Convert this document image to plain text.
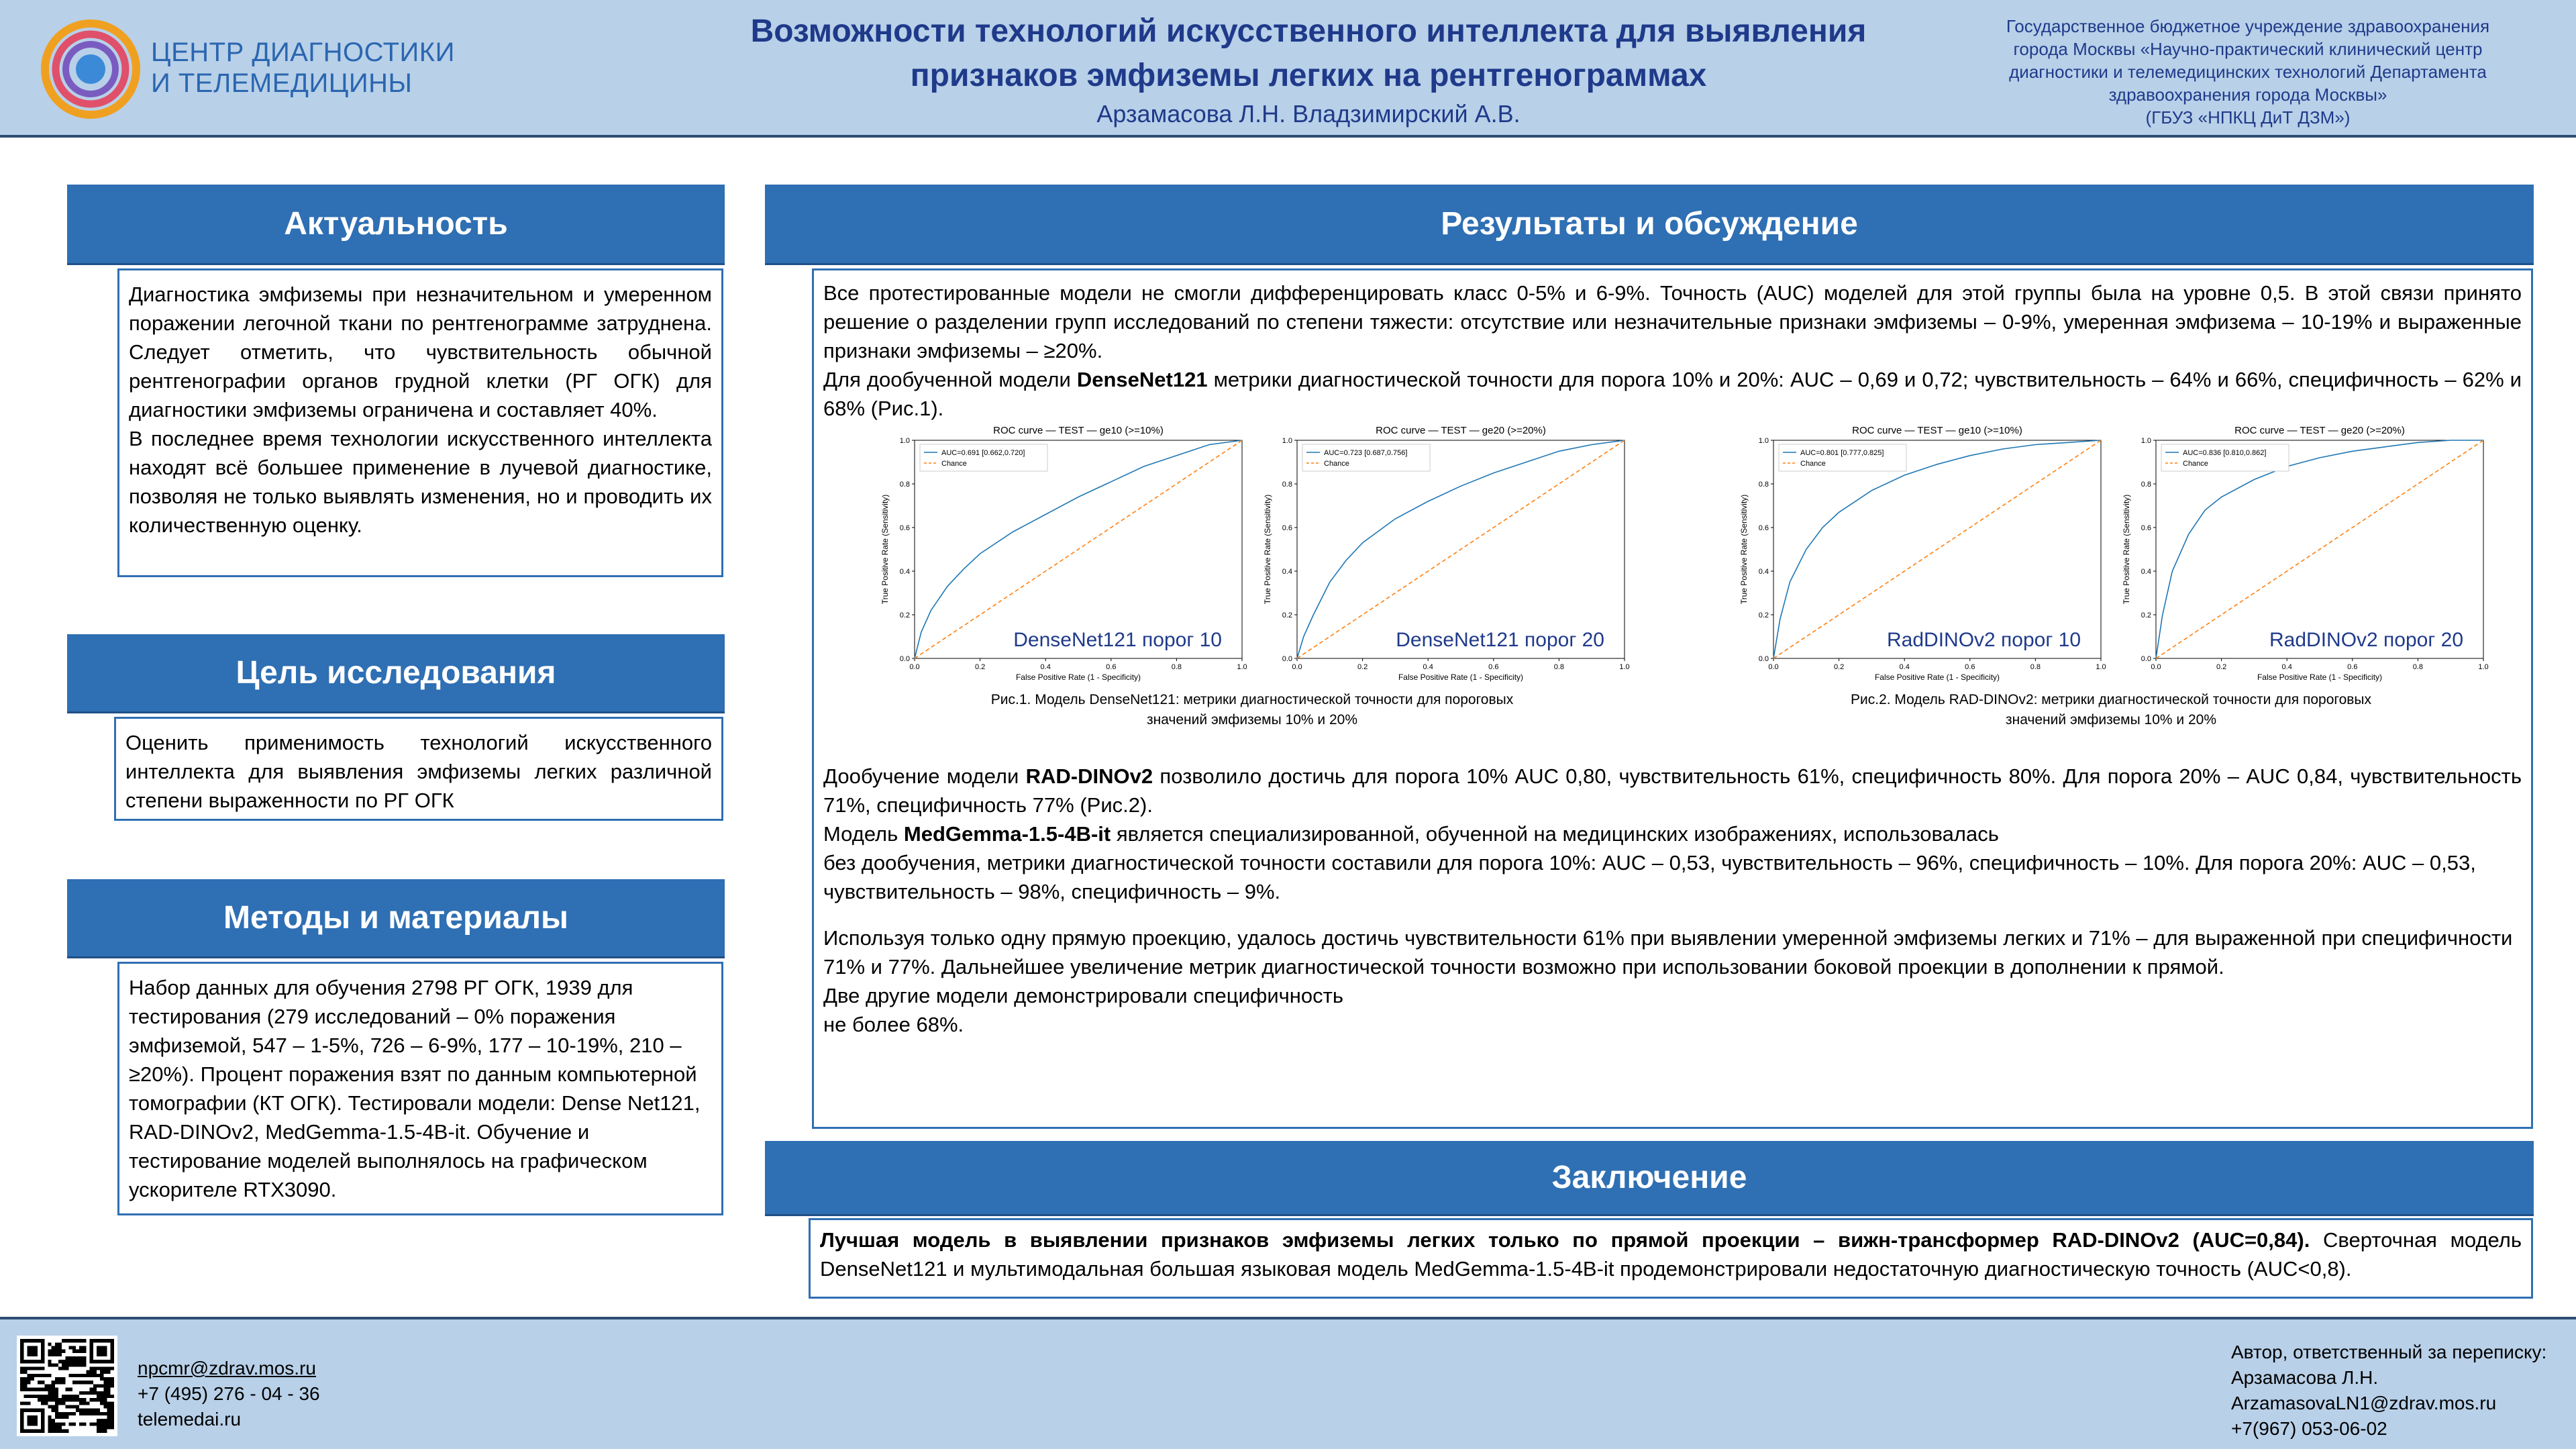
ЦЕНТР ДИАГНОСТИКИ
И ТЕЛЕМЕДИЦИНЫ
Возможности технологий искусственного интеллекта для выявления
признаков эмфиземы легких на рентгенограммах
Арзамасова Л.Н. Владзимирский А.В.
Государственное бюджетное учреждение здравоохранения
города Москвы «Научно-практический клинический центр
диагностики и телемедицинских технологий Департамента
здравоохранения города Москвы»
(ГБУЗ «НПКЦ ДиТ ДЗМ»)
Актуальность

Диагностика эмфиземы при незначительном и умеренном поражении легочной ткани по рентгенограмме затруднена. Следует отметить, что чувствительность обычной рентгенографии органов грудной клетки (РГ ОГК) для диагностики эмфиземы ограничена и составляет 40%.

В последнее время технологии искусственного интеллекта находят всё большее применение в лучевой диагностике, позволяя не только выявлять изменения, но и проводить их количественную оценку.

Цель исследования

Оценить применимость технологий искусственного интеллекта для выявления эмфиземы легких различной степени выраженности по РГ ОГК

Методы и материалы

Набор данных для обучения 2798 РГ ОГК, 1939 для тестирования (279 исследований – 0% поражения эмфиземой, 547 – 1-5%, 726 – 6-9%, 177 – 10-19%, 210 – ≥20%). Процент поражения взят по данным компьютерной томографии (КТ ОГК). Тестировали модели: Dense Net121, RAD-DINOv2, MedGemma-1.5-4B-it. Обучение и тестирование моделей выполнялось на графическом ускорителе RTX3090.

Результаты и обсуждение

Все протестированные модели не смогли дифференцировать класс 0-5% и 6-9%. Точность (AUC) моделей для этой группы была на уровне 0,5. В этой связи принято решение о разделении групп исследований по степени тяжести: отсутствие или незначительные признаки эмфиземы – 0-9%, умеренная эмфизема – 10-19% и выраженные признаки эмфиземы – ≥20%.

Для дообученной модели DenseNet121 метрики диагностической точности для порога 10% и 20%: AUC – 0,69 и 0,72; чувствительность – 64% и 66%, специфичность – 62% и 68% (Рис.1).

ROC curve — TEST — ge10 (>=10%)
0.0	0.2	0.4	0.6	0.8	1.0
0.0
0.2
0.4
0.6
0.8
1.0
False Positive Rate (1 - Specificity)
True Positive Rate (Sensitivity)
AUC=0.691 [0.662,0.720]
Chance
DenseNet121 порог 10
ROC curve — TEST — ge20 (>=20%)
0.0	0.2	0.4	0.6	0.8	1.0
0.0
0.2
0.4
0.6
0.8
1.0
False Positive Rate (1 - Specificity)
True Positive Rate (Sensitivity)
AUC=0.723 [0.687,0.756]
Chance
DenseNet121 порог 20
ROC curve — TEST — ge10 (>=10%)
0.0	0.2	0.4	0.6	0.8	1.0
0.0
0.2
0.4
0.6
0.8
1.0
False Positive Rate (1 - Specificity)
True Positive Rate (Sensitivity)
AUC=0.801 [0.777,0.825]
Chance
RadDINOv2 порог 10
ROC curve — TEST — ge20 (>=20%)
0.0	0.2	0.4	0.6	0.8	1.0
0.0
0.2
0.4
0.6
0.8
1.0
False Positive Rate (1 - Specificity)
True Positive Rate (Sensitivity)
AUC=0.836 [0.810,0.862]
Chance
RadDINOv2 порог 20
Рис.1. Модель DenseNet121: метрики диагностической точности для пороговых
значений эмфиземы 10% и 20%
Рис.2. Модель RAD-DINOv2: метрики диагностической точности для пороговых
значений эмфиземы 10% и 20%

Дообучение модели RAD-DINOv2 позволило достичь для порога 10% AUC 0,80, чувствительность 61%, специфичность 80%. Для порога 20% – AUC 0,84, чувствительность 71%, специфичность 77% (Рис.2).

Модель MedGemma-1.5-4B-it является специализированной, обученной на медицинских изображениях, использовалась
без дообучения, метрики диагностической точности составили для порога 10%: AUC – 0,53, чувствительность – 96%, специфичность – 10%. Для порога 20%: AUC – 0,53, чувствительность – 98%, специфичность – 9%.
Используя только одну прямую проекцию, удалось достичь чувствительности 61% при выявлении умеренной эмфиземы легких и 71% – для выраженной при специфичности 71% и 77%. Дальнейшее увеличение метрик диагностической точности возможно при использовании боковой проекции в дополнении к прямой.
Две другие модели демонстрировали специфичность
не более 68%.
Заключение

Лучшая модель в выявлении признаков эмфиземы легких только по прямой проекции – вижн-трансформер RAD-DINOv2 (AUC=0,84). Сверточная модель DenseNet121 и мультимодальная большая языковая модель MedGemma-1.5-4B-it продемонстрировали недостаточную диагностическую точность (AUC<0,8).

npcmr@zdrav.mos.ru
+7 (495) 276 - 04 - 36
telemedai.ru
Автор, ответственный за переписку:
Арзамасова Л.Н.
ArzamasovaLN1@zdrav.mos.ru
+7(967) 053-06-02
